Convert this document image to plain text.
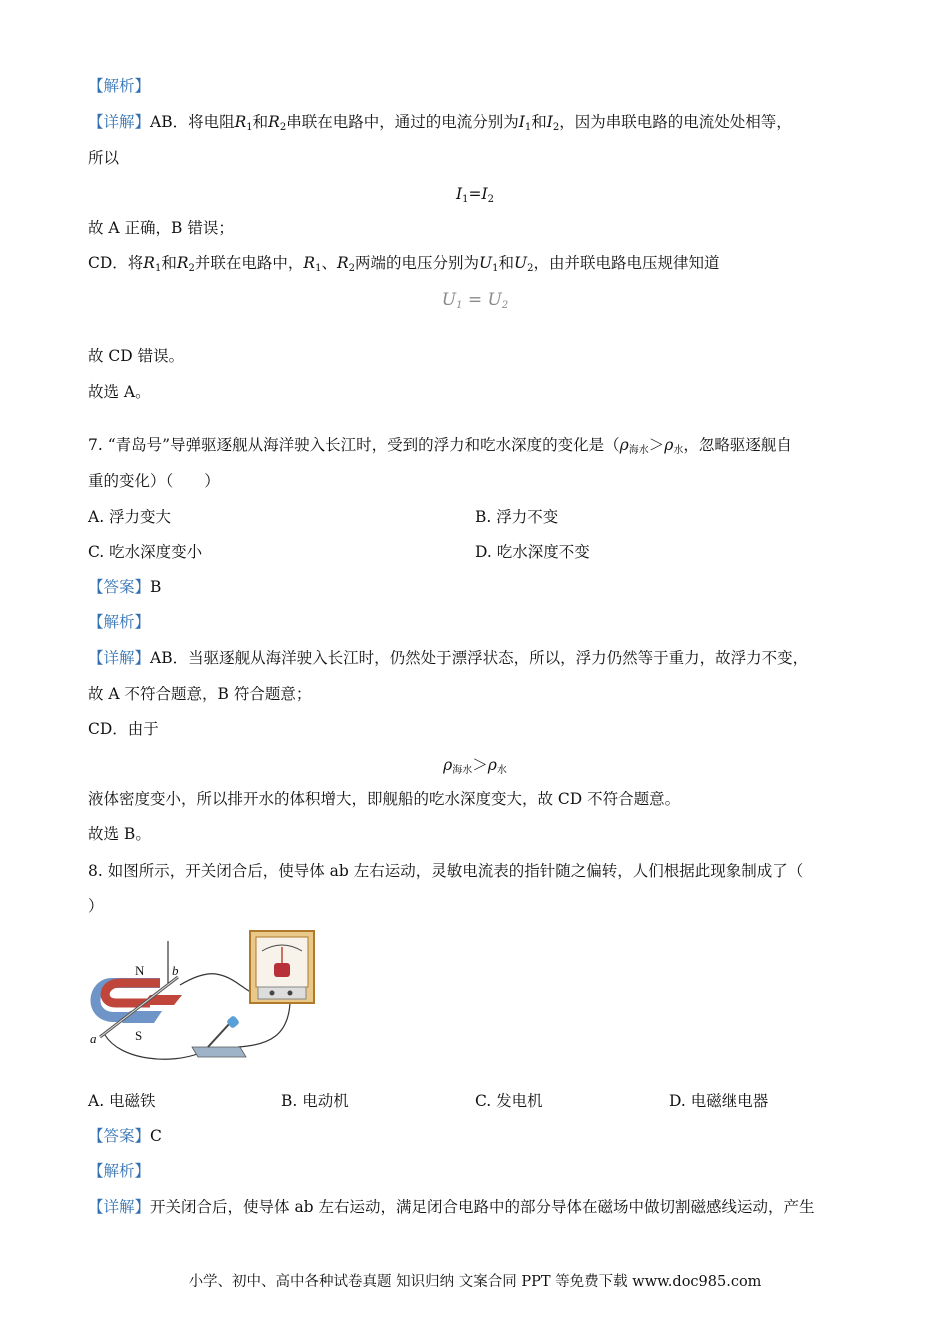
【解析】
【详解】AB．将电阻$R_1$和$R_2$串联在电路中，通过的电流分别为$I_1$和$I_2$，因为串联电路的电流处处相等，
所以
$I_1=I_2$
故 A 正确，B 错误；
CD．将$R_1$和$R_2$并联在电路中，$R_1$、$R_2$两端的电压分别为$U_1$和$U_2$，由并联电路电压规律知道
$U_1 = U_2$
故 CD 错误。
故选 A。
7. “青岛号”导弹驱逐舰从海洋驶入长江时，受到的浮力和吃水深度的变化是（$\rho_{海水}>\rho_水$，忽略驱逐舰自
重的变化）（　　）
A. 浮力变大	B. 浮力不变
C. 吃水深度变小	D. 吃水深度不变
【答案】B
【解析】
【详解】AB．当驱逐舰从海洋驶入长江时，仍然处于漂浮状态，所以，浮力仍然等于重力，故浮力不变，
故 A 不符合题意，B 符合题意；
CD．由于
$\rho_{海水}>\rho_水$
液体密度变小，所以排开水的体积增大，即舰船的吃水深度变大，故 CD 不符合题意。
故选 B。
8. 如图所示，开关闭合后，使导体 ab 左右运动，灵敏电流表的指针随之偏转，人们根据此现象制成了（
）
N
S
a
b
A. 电磁铁	B. 电动机	C. 发电机	D. 电磁继电器
【答案】C
【解析】
【详解】开关闭合后，使导体 ab 左右运动，满足闭合电路中的部分导体在磁场中做切割磁感线运动，产生
小学、初中、高中各种试卷真题 知识归纳 文案合同 PPT 等免费下载 www.doc985.com
